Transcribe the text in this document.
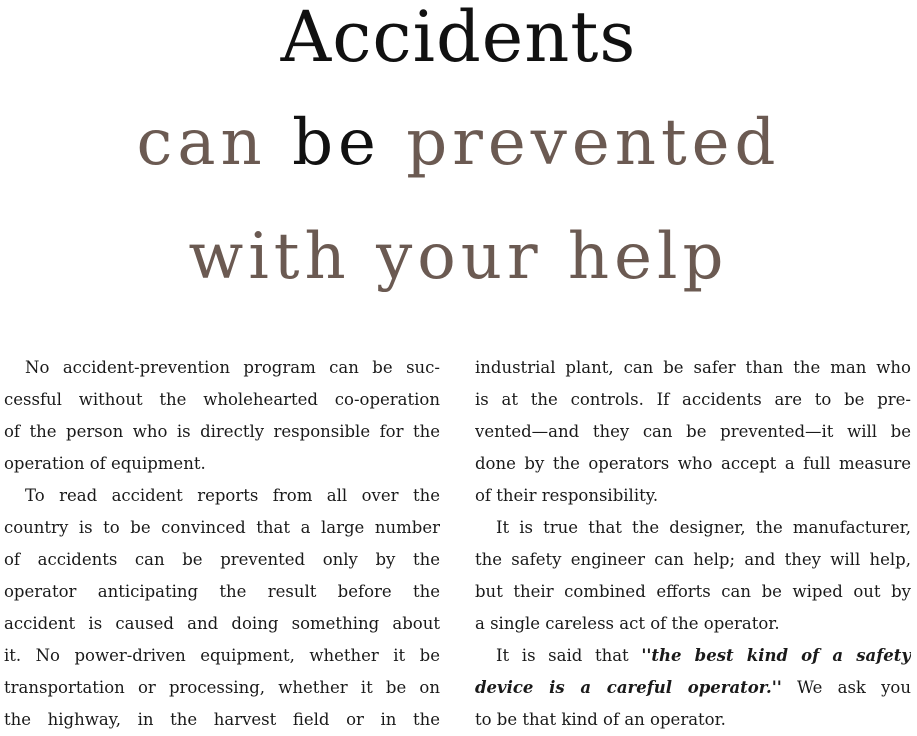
Accidents
can be prevented
with your help
No accident-prevention program can be suc-
cessful without the wholehearted co-operation
of the person who is directly responsible for the
operation of equipment.
To read accident reports from all over the
country is to be convinced that a large number
of accidents can be prevented only by the
operator anticipating the result before the
accident is caused and doing something about
it. No power-driven equipment, whether it be
transportation or processing, whether it be on
the highway, in the harvest field or in the
industrial plant, can be safer than the man who
is at the controls. If accidents are to be pre-
vented—and they can be prevented—it will be
done by the operators who accept a full measure
of their responsibility.
It is true that the designer, the manufacturer,
the safety engineer can help; and they will help,
but their combined efforts can be wiped out by
a single careless act of the operator.
It is said that ''the best kind of a safety
device is a careful operator.'' We ask you
to be that kind of an operator.
